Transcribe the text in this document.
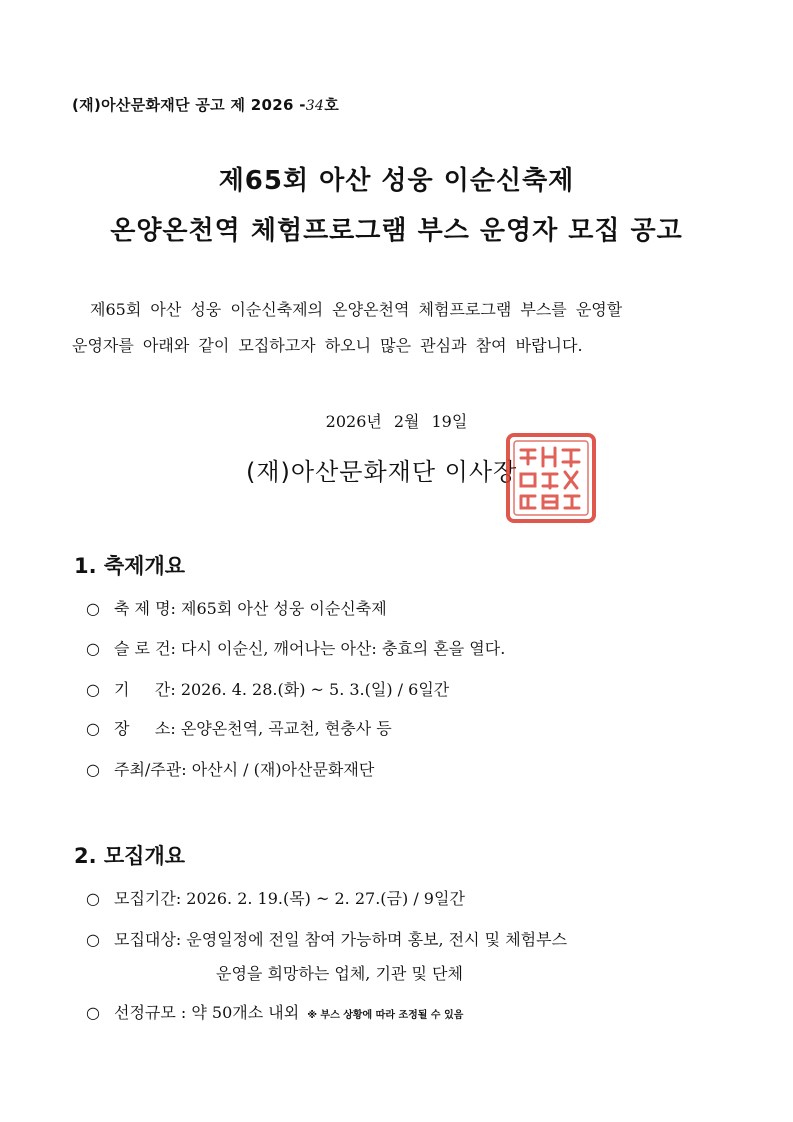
(재)아산문화재단 공고 제 2026 -34호
제65회 아산 성웅 이순신축제
온양온천역 체험프로그램 부스 운영자 모집 공고
제65회 아산 성웅 이순신축제의 온양온천역 체험프로그램 부스를 운영할
운영자를 아래와 같이 모집하고자 하오니 많은 관심과 참여 바랍니다.
2026년 2월 19일
(재)아산문화재단 이사장
1. 축제개요
○ 축 제 명: 제65회 아산 성웅 이순신축제
○ 슬 로 건: 다시 이순신, 깨어나는 아산: 충효의 혼을 열다.
○ 기     간: 2026. 4. 28.(화) ~ 5. 3.(일) / 6일간
○ 장     소: 온양온천역, 곡교천, 현충사 등
○ 주최/주관: 아산시 / (재)아산문화재단
2. 모집개요
○ 모집기간: 2026. 2. 19.(목) ~ 2. 27.(금) / 9일간
○ 모집대상: 운영일정에 전일 참여 가능하며 홍보, 전시 및 체험부스
운영을 희망하는 업체, 기관 및 단체
○ 선정규모 : 약 50개소 내외 ※ 부스 상황에 따라 조정될 수 있음
